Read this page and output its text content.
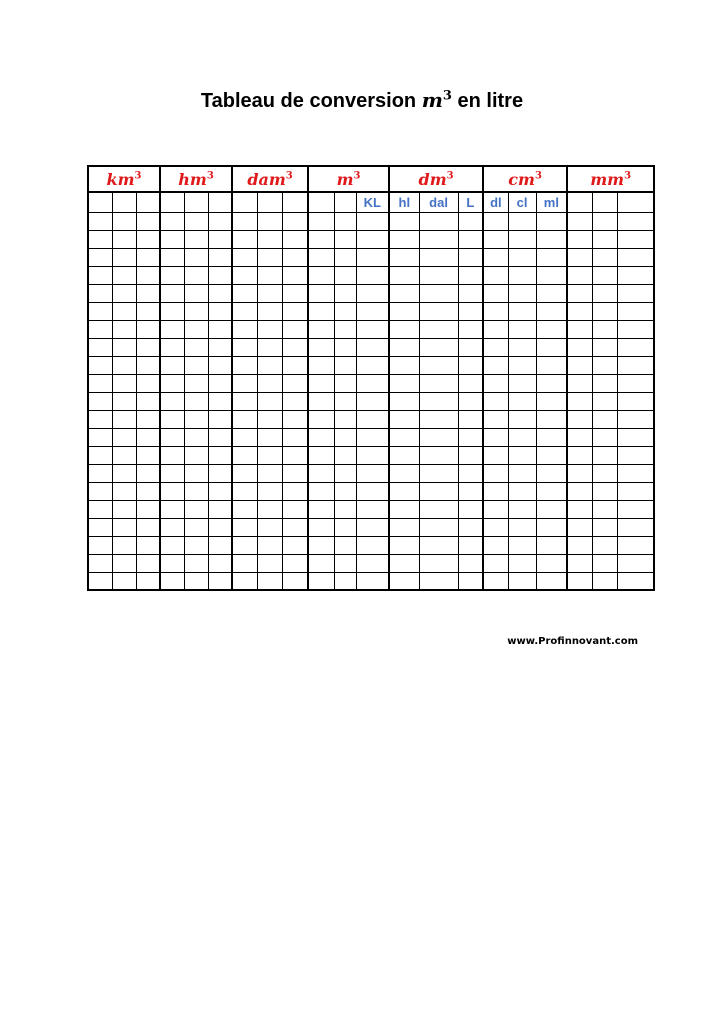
Tableau de conversion $m^3$ en litre
$km^3$			$hm^3$			dam$^3$			$m^3$			$dm^3$			$cm^3$			$mm^3$
											KL	hl	dal	L	dl	cl	ml			

www.Profinnovant.com
